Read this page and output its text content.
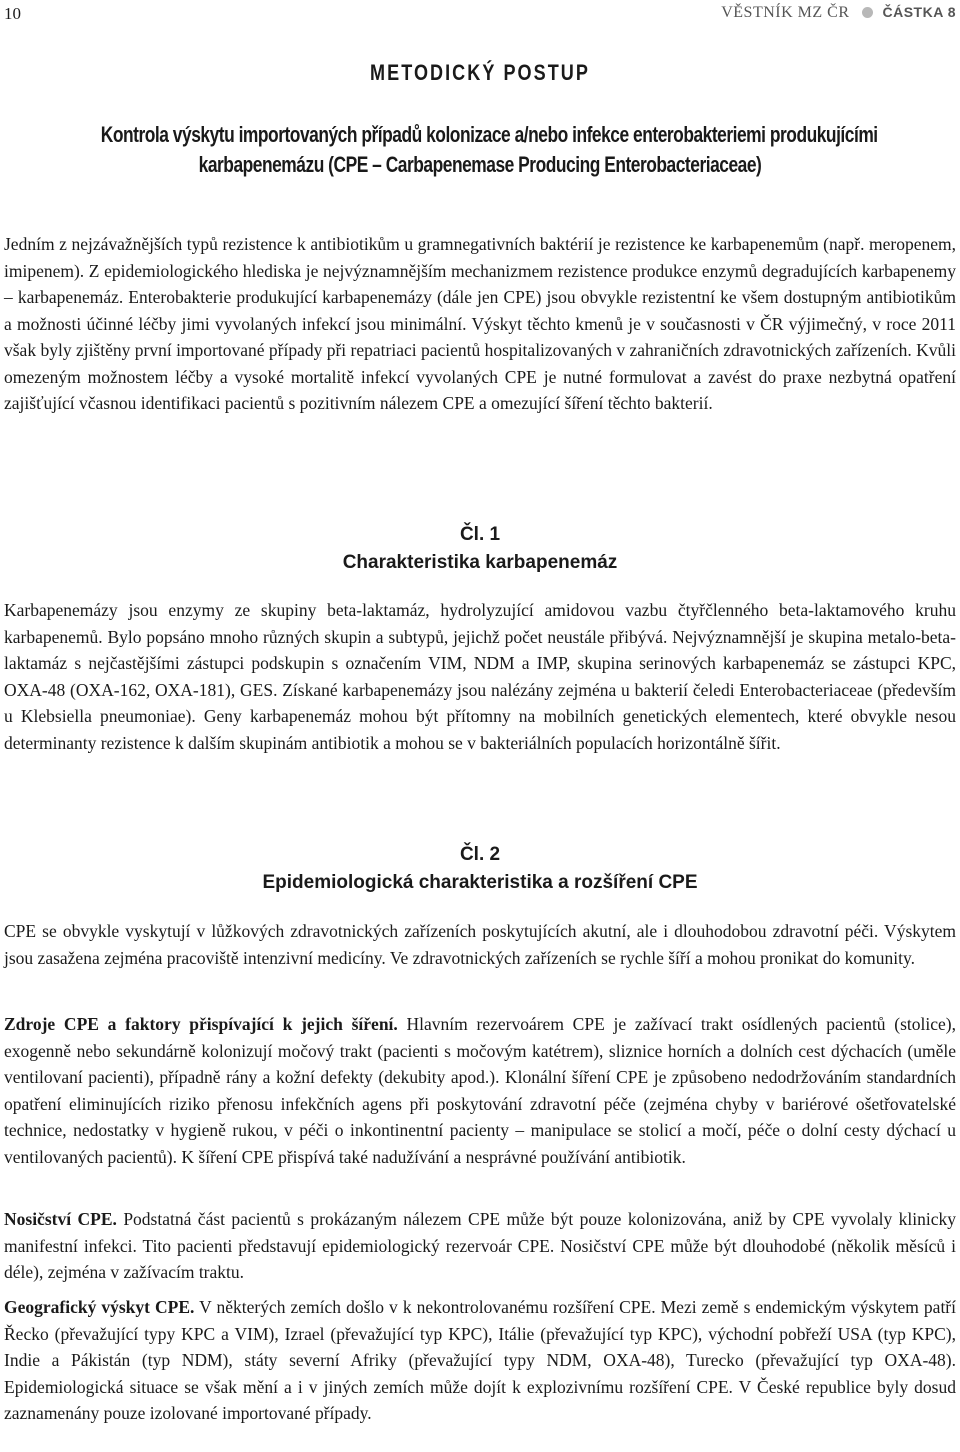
10	VĚSTNÍK MZ ČR ČÁSTKA 8
METODICKÝ POSTUP
Kontrola výskytu importovaných případů kolonizace a/nebo infekce enterobakteriemi produkujícími
karbapenemázu (CPE – Carbapenemase Producing Enterobacteriaceae)

Jedním z nejzávažnějších typů rezistence k antibiotikům u gramnegativních baktérií je rezistence ke karbapenemům (např. meropenem, imipenem). Z epidemiologického hlediska je nejvýznamnějším mechanizmem rezistence produkce enzymů degradujících karbapenemy – karbapenemáz. Enterobakterie produkující karbapenemázy (dále jen CPE) jsou obvykle rezistentní ke všem dostupným antibiotikům a možnosti účinné léčby jimi vyvolaných infekcí jsou minimální. Výskyt těchto kmenů je v současnosti v ČR výjimečný, v roce 2011 však byly zjištěny první importované případy při repatriaci pacientů hospitalizovaných v zahraničních zdravotnických zařízeních. Kvůli omezeným možnostem léčby a vysoké mortalitě infekcí vyvolaných CPE je nutné formulovat a zavést do praxe nezbytná opatření zajišťující včasnou identifikaci pacientů s pozitivním nálezem CPE a omezující šíření těchto bakterií.

Čl. 1
Charakteristika karbapenemáz

Karbapenemázy jsou enzymy ze skupiny beta-laktamáz, hydrolyzující amidovou vazbu čtyřčlenného beta-laktamového kruhu karbapenemů. Bylo popsáno mnoho různých skupin a subtypů, jejichž počet neustále přibývá. Nejvýznamnější je skupina metalo-beta-laktamáz s nejčastějšími zástupci podskupin s označením VIM, NDM a IMP, skupina serinových karbapenemáz se zástupci KPC, OXA-48 (OXA-162, OXA-181), GES. Získané karbapenemázy jsou nalézány zejména u bakterií čeledi Enterobacteriaceae (především u Klebsiella pneumoniae). Geny karbapenemáz mohou být přítomny na mobilních genetických elementech, které obvykle nesou determinanty rezistence k dalším skupinám antibiotik a mohou se v bakteriálních populacích horizontálně šířit.

Čl. 2
Epidemiologická charakteristika a rozšíření CPE

CPE se obvykle vyskytují v lůžkových zdravotnických zařízeních poskytujících akutní, ale i dlouhodobou zdravotní péči. Výskytem jsou zasažena zejména pracoviště intenzivní medicíny. Ve zdravotnických zařízeních se rychle šíří a mohou pronikat do komunity.

Zdroje CPE a faktory přispívající k jejich šíření. Hlavním rezervoárem CPE je zažívací trakt osídlených pacientů (stolice), exogenně nebo sekundárně kolonizují močový trakt (pacienti s močovým katétrem), sliznice horních a dolních cest dýchacích (uměle ventilovaní pacienti), případně rány a kožní defekty (dekubity apod.). Klonální šíření CPE je způsobeno nedodržováním standardních opatření eliminujících riziko přenosu infekčních agens při poskytování zdravotní péče (zejména chyby v bariérové ošetřovatelské technice, nedostatky v hygieně rukou, v péči o inkontinentní pacienty – manipulace se stolicí a močí, péče o dolní cesty dýchací u ventilovaných pacientů). K šíření CPE přispívá také nadužívání a nesprávné používání antibiotik.

Nosičství CPE. Podstatná část pacientů s prokázaným nálezem CPE může být pouze kolonizována, aniž by CPE vyvolaly klinicky manifestní infekci. Tito pacienti představují epidemiologický rezervoár CPE. Nosičství CPE může být dlouhodobé (několik měsíců i déle), zejména v zažívacím traktu.

Geografický výskyt CPE. V některých zemích došlo v k nekontrolovanému rozšíření CPE. Mezi země s endemickým výskytem patří Řecko (převažující typy KPC a VIM), Izrael (převažující typ KPC), Itálie (převažující typ KPC), východní pobřeží USA (typ KPC), Indie a Pákistán (typ NDM), státy severní Afriky (převažující typy NDM, OXA-48), Turecko (převažující typ OXA-48). Epidemiologická situace se však mění a i v jiných zemích může dojít k explozivnímu rozšíření CPE. V České republice byly dosud zaznamenány pouze izolované importované případy.
